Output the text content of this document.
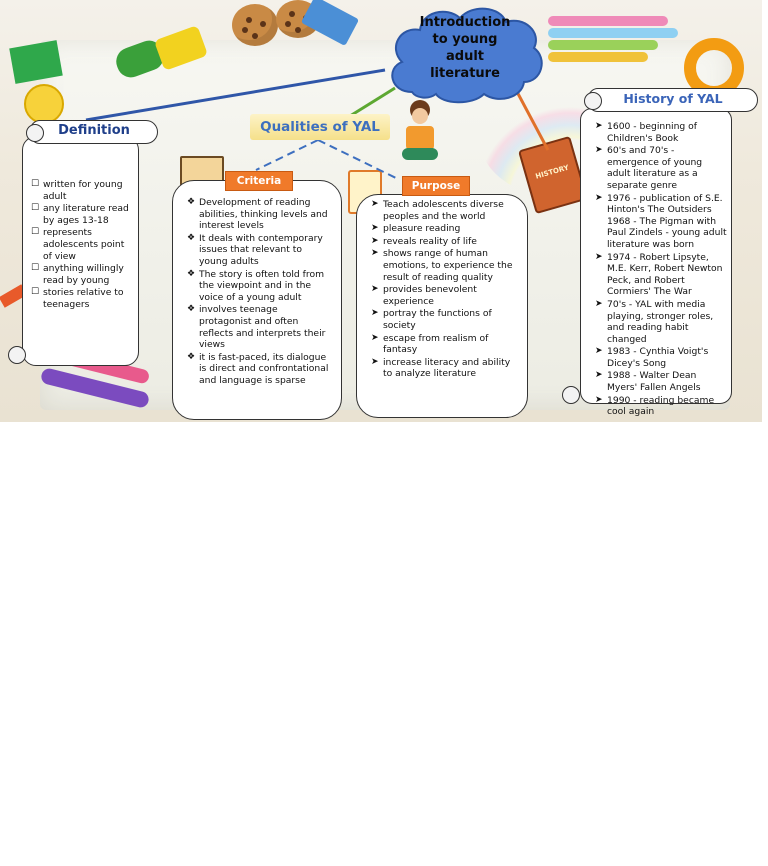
HISTORY
Introduction
to young
adult
literature
Qualities of YAL
☐ written for young adult
☐ any literature read by ages 13-18
☐ represents adolescents point of view
☐ anything willingly read by young
☐ stories relative to teenagers
Definition
❖ Development of reading abilities, thinking levels and interest levels
❖ It deals with contemporary issues that relevant to young adults
❖ The story is often told from the viewpoint and in the voice of a young adult
❖ involves teenage protagonist and often reflects and interprets their views
❖ it is fast-paced, its dialogue is direct and confrontational and language is sparse
Criteria
➤ Teach adolescents diverse peoples and the world
➤ pleasure reading
➤ reveals reality of life
➤ shows range of human emotions, to experience the result of reading quality
➤ provides benevolent experience
➤ portray the functions of society
➤ escape from realism of fantasy
➤ increase literacy and ability to analyze literature
Purpose
➤ 1600 - beginning of Children's Book
➤ 60's and 70's - emergence of young adult literature as a separate genre
➤ 1976 - publication of S.E. Hinton's The Outsiders 1968 - The Pigman with Paul Zindels - young adult literature was born
➤ 1974 - Robert Lipsyte, M.E. Kerr, Robert Newton Peck, and Robert Cormiers' The War
➤ 70's - YAL with media playing, stronger roles, and reading habit changed
➤ 1983 - Cynthia Voigt's Dicey's Song
➤ 1988 - Walter Dean Myers' Fallen Angels
➤ 1990 - reading became cool again
History of YAL
